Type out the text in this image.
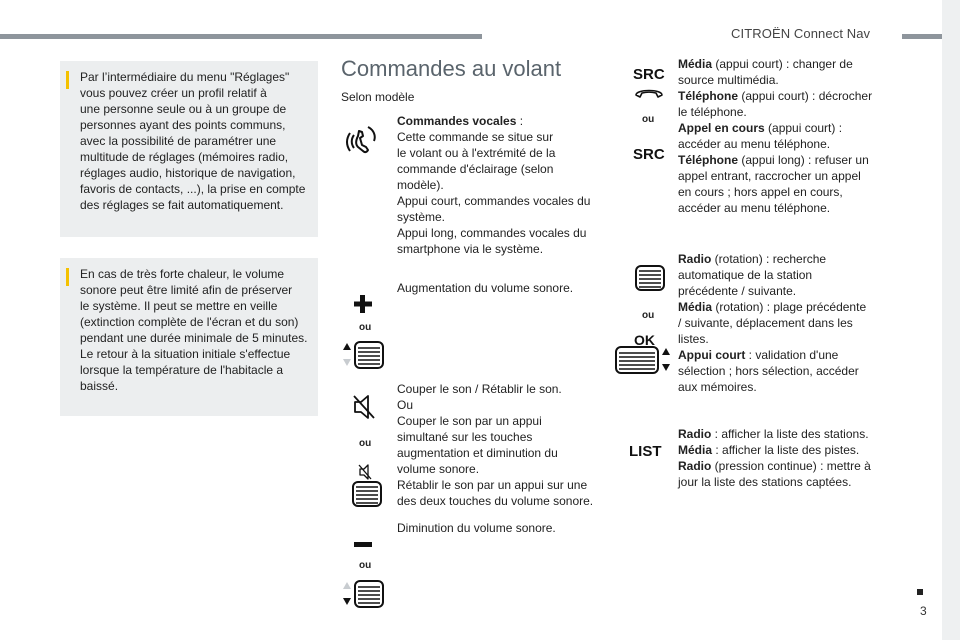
CITROËN Connect Nav
3

Par l’intermédiaire du menu "Réglages"
vous pouvez créer un profil relatif à
une personne seule ou à un groupe de
personnes ayant des points communs,
avec la possibilité de paramétrer une
multitude de réglages (mémoires radio,
réglages audio, historique de navigation,
favoris de contacts, ...), la prise en compte
des réglages se fait automatiquement.

En cas de très forte chaleur, le volume
sonore peut être limité afin de préserver
le système. Il peut se mettre en veille
(extinction complète de l'écran et du son)
pendant une durée minimale de 5 minutes.
Le retour à la situation initiale s'effectue
lorsque la température de l'habitacle a
baissé.

Commandes au volant
Selon modèle
Commandes vocales :
Cette commande se situe sur
le volant ou à l'extrémité de la
commande d'éclairage (selon
modèle).
Appui court, commandes vocales du
système.
Appui long, commandes vocales du
smartphone via le système.
ou
Augmentation du volume sonore.
ou
Couper le son / Rétablir le son.
Ou
Couper le son par un appui
simultané sur les touches
augmentation et diminution du
volume sonore.
Rétablir le son par un appui sur une
des deux touches du volume sonore.
ou
Diminution du volume sonore.
SRC
ou
SRC
Média (appui court) : changer de
source multimédia.
Téléphone (appui court) : décrocher
le téléphone.
Appel en cours (appui court) :
accéder au menu téléphone.
Téléphone (appui long) : refuser un
appel entrant, raccrocher un appel
en cours ; hors appel en cours,
accéder au menu téléphone.
ou
OK
Radio (rotation) : recherche
automatique de la station
précédente / suivante.
Média (rotation) : plage précédente
/ suivante, déplacement dans les
listes.
Appui court : validation d'une
sélection ; hors sélection, accéder
aux mémoires.
LIST
Radio : afficher la liste des stations.
Média : afficher la liste des pistes.
Radio (pression continue) : mettre à
jour la liste des stations captées.
